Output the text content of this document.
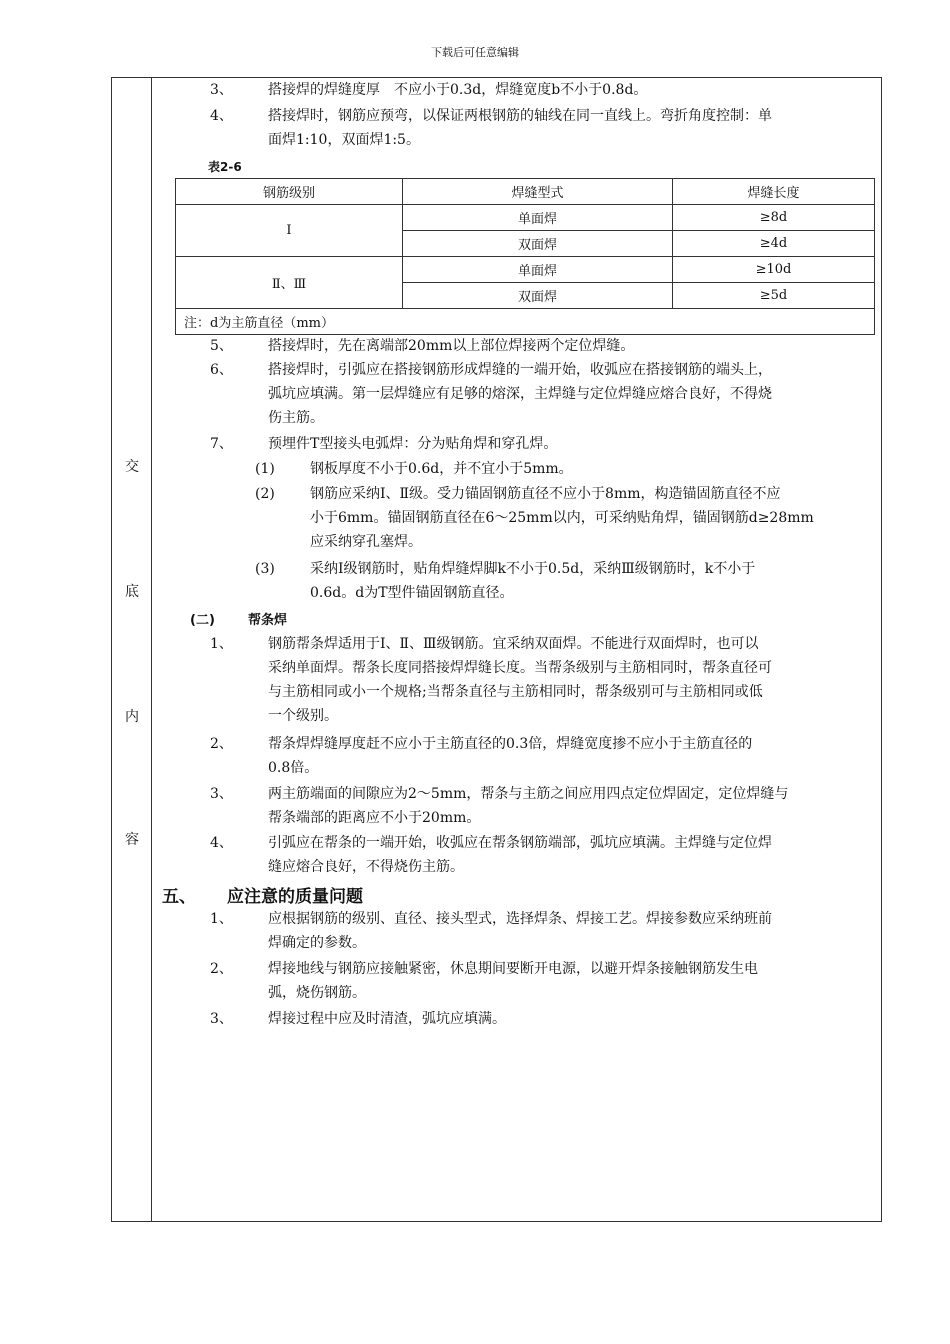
下载后可任意编辑
交
底
内
容
3、	搭接焊的焊缝度厚　不应小于0.3d，焊缝宽度b不小于0.8d。
4、	搭接焊时，钢筋应预弯，以保证两根钢筋的轴线在同一直线上。弯折角度控制：单
面焊1:10，双面焊1:5。
表2-6
钢筋级别	焊缝型式	焊缝长度
Ⅰ	单面焊	≥8d
	双面焊	≥4d
Ⅱ、Ⅲ	单面焊	≥10d
	双面焊	≥5d
注：d为主筋直径（mm）		
5、	搭接焊时，先在离端部20mm以上部位焊接两个定位焊缝。
6、	搭接焊时，引弧应在搭接钢筋形成焊缝的一端开始，收弧应在搭接钢筋的端头上，
弧坑应填满。第一层焊缝应有足够的熔深，主焊缝与定位焊缝应熔合良好，不得烧
伤主筋。
7、	预埋件T型接头电弧焊：分为贴角焊和穿孔焊。
(1)	钢板厚度不小于0.6d，并不宜小于5mm。
(2)	钢筋应采纳Ⅰ、Ⅱ级。受力锚固钢筋直径不应小于8mm，构造锚固筋直径不应
小于6mm。锚固钢筋直径在6～25mm以内，可采纳贴角焊，锚固钢筋d≥28mm
应采纳穿孔塞焊。
(3)	采纳Ⅰ级钢筋时，贴角焊缝焊脚k不小于0.5d，采纳Ⅲ级钢筋时，k不小于
0.6d。d为T型件锚固钢筋直径。
(二)	帮条焊
1、	钢筋帮条焊适用于Ⅰ、Ⅱ、Ⅲ级钢筋。宜采纳双面焊。不能进行双面焊时，也可以
采纳单面焊。帮条长度同搭接焊焊缝长度。当帮条级别与主筋相同时，帮条直径可
与主筋相同或小一个规格;当帮条直径与主筋相同时，帮条级别可与主筋相同或低
一个级别。
2、	帮条焊焊缝厚度赶不应小于主筋直径的0.3倍，焊缝宽度掺不应小于主筋直径的
0.8倍。
3、	两主筋端面的间隙应为2～5mm，帮条与主筋之间应用四点定位焊固定，定位焊缝与
帮条端部的距离应不小于20mm。
4、	引弧应在帮条的一端开始，收弧应在帮条钢筋端部，弧坑应填满。主焊缝与定位焊
缝应熔合良好，不得烧伤主筋。
五、 应注意的质量问题
1、	应根据钢筋的级别、直径、接头型式，选择焊条、焊接工艺。焊接参数应采纳班前
焊确定的参数。
2、	焊接地线与钢筋应接触紧密，休息期间要断开电源，以避开焊条接触钢筋发生电
弧，烧伤钢筋。
3、	焊接过程中应及时清渣，弧坑应填满。
